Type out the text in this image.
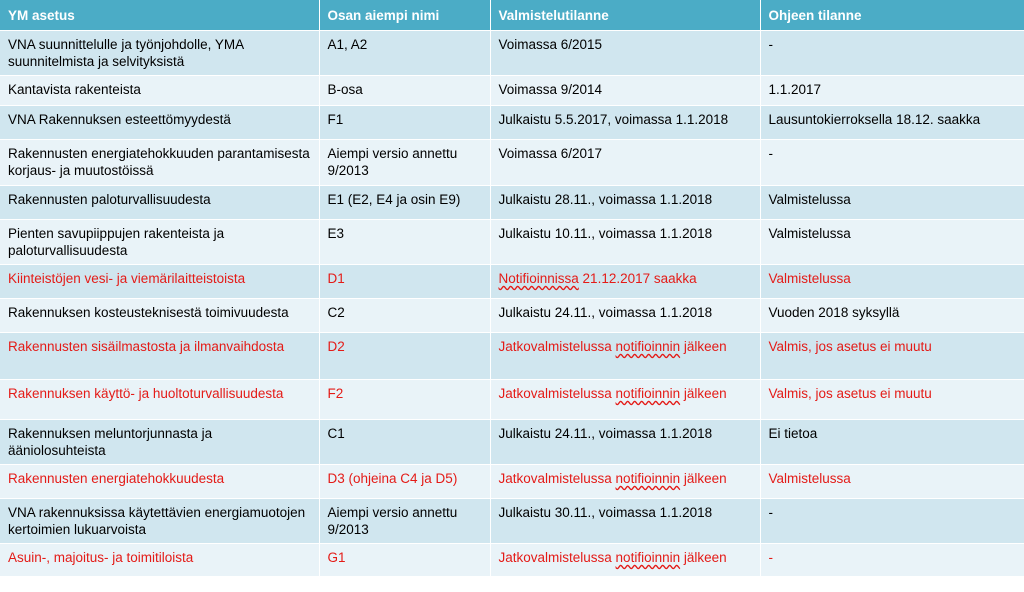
YM asetus	Osan aiempi nimi	Valmistelutilanne	Ohjeen tilanne
VNA suunnittelulle ja työnjohdolle, YMA suunnitelmista ja selvityksistä	A1, A2	Voimassa 6/2015	-
Kantavista rakenteista	B-osa	Voimassa 9/2014	1.1.2017
VNA Rakennuksen esteettömyydestä	F1	Julkaistu 5.5.2017, voimassa 1.1.2018	Lausuntokierroksella 18.12. saakka
Rakennusten energiatehokkuuden parantamisesta korjaus- ja muutostöissä	Aiempi versio annettu 9/2013	Voimassa 6/2017	-
Rakennusten paloturvallisuudesta	E1 (E2, E4 ja osin E9)	Julkaistu 28.11., voimassa 1.1.2018	Valmistelussa
Pienten savupiippujen rakenteista ja paloturvallisuudesta	E3	Julkaistu 10.11., voimassa 1.1.2018	Valmistelussa
Kiinteistöjen vesi- ja viemärilaitteistoista	D1	Notifioinnissa 21.12.2017 saakka	Valmistelussa
Rakennuksen kosteusteknisestä toimivuudesta	C2	Julkaistu 24.11., voimassa 1.1.2018	Vuoden 2018 syksyllä
Rakennusten sisäilmastosta ja ilmanvaihdosta	D2	Jatkovalmistelussa notifioinnin jälkeen	Valmis, jos asetus ei muutu
Rakennuksen käyttö- ja huoltoturvallisuudesta	F2	Jatkovalmistelussa notifioinnin jälkeen	Valmis, jos asetus ei muutu
Rakennuksen meluntorjunnasta ja ääniolosuhteista	C1	Julkaistu 24.11., voimassa 1.1.2018	Ei tietoa
Rakennusten energiatehokkuudesta	D3 (ohjeina C4 ja D5)	Jatkovalmistelussa notifioinnin jälkeen	Valmistelussa
VNA rakennuksissa käytettävien energiamuotojen kertoimien lukuarvoista	Aiempi versio annettu 9/2013	Julkaistu 30.11., voimassa 1.1.2018	-
Asuin-, majoitus- ja toimitiloista	G1	Jatkovalmistelussa notifioinnin jälkeen	-
